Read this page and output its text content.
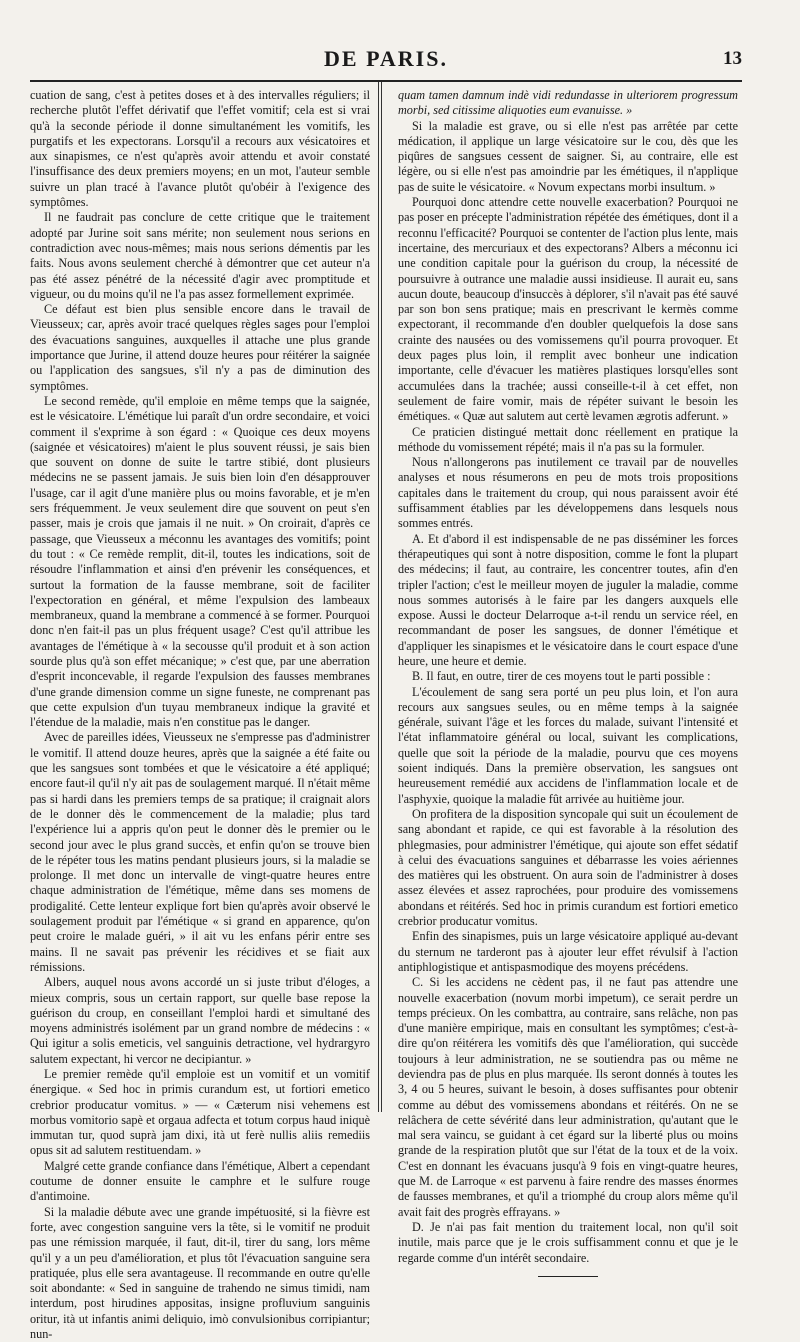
DE PARIS.	13

cuation de sang, c'est à petites doses et à des intervalles réguliers; il recherche plutôt l'effet dérivatif que l'effet vomitif; cela est si vrai qu'à la seconde période il donne simultanément les vomitifs, les purgatifs et les expectorans. Lorsqu'il a recours aux vésicatoires et aux sinapismes, ce n'est qu'après avoir attendu et avoir constaté l'insuffisance des deux premiers moyens; en un mot, l'auteur semble suivre un plan tracé à l'avance plutôt qu'obéir à l'exigence des symptômes.

Il ne faudrait pas conclure de cette critique que le traitement adopté par Jurine soit sans mérite; non seulement nous serions en contradiction avec nous-mêmes; mais nous serions démentis par les faits. Nous avons seulement cherché à démontrer que cet auteur n'a pas été assez pénétré de la nécessité d'agir avec promptitude et vigueur, ou du moins qu'il ne l'a pas assez formellement exprimée.

Ce défaut est bien plus sensible encore dans le travail de Vieusseux; car, après avoir tracé quelques règles sages pour l'emploi des évacuations sanguines, auxquelles il attache une plus grande importance que Jurine, il attend douze heures pour réitérer la saignée ou l'application des sangsues, s'il n'y a pas de diminution des symptômes.

Le second remède, qu'il emploie en même temps que la saignée, est le vésicatoire. L'émétique lui paraît d'un ordre secondaire, et voici comment il s'exprime à son égard : « Quoique ces deux moyens (saignée et vésicatoires) m'aient le plus souvent réussi, je sais bien que souvent on donne de suite le tartre stibié, dont plusieurs médecins ne se passent jamais. Je suis bien loin d'en désapprouver l'usage, car il agit d'une manière plus ou moins favorable, et je m'en sers fréquemment. Je veux seulement dire que souvent on peut s'en passer, mais je crois que jamais il ne nuit. » On croirait, d'après ce passage, que Vieusseux a méconnu les avantages des vomitifs; point du tout : « Ce remède remplit, dit-il, toutes les indications, soit de résoudre l'inflammation et ainsi d'en prévenir les conséquences, et surtout la formation de la fausse membrane, soit de faciliter l'expectoration en général, et même l'expulsion des lambeaux membraneux, quand la membrane a commencé à se former. Pourquoi donc n'en fait-il pas un plus fréquent usage? C'est qu'il attribue les avantages de l'émétique à « la secousse qu'il produit et à son action sourde plus qu'à son effet mécanique; » c'est que, par une aberration d'esprit inconcevable, il regarde l'expulsion des fausses membranes d'une grande dimension comme un signe funeste, ne comprenant pas que cette expulsion d'un tuyau membraneux indique la gravité et l'étendue de la maladie, mais n'en constitue pas le danger.

Avec de pareilles idées, Vieusseux ne s'empresse pas d'administrer le vomitif. Il attend douze heures, après que la saignée a été faite ou que les sangsues sont tombées et que le vésicatoire a été appliqué; encore faut-il qu'il n'y ait pas de soulagement marqué. Il n'était même pas si hardi dans les premiers temps de sa pratique; il craignait alors de le donner dès le commencement de la maladie; plus tard l'expérience lui a appris qu'on peut le donner dès le premier ou le second jour avec le plus grand succès, et enfin qu'on se trouve bien de le répéter tous les matins pendant plusieurs jours, si la maladie se prolonge. Il met donc un intervalle de vingt-quatre heures entre chaque administration de l'émétique, même dans ses momens de prodigalité. Cette lenteur explique fort bien qu'après avoir observé le soulagement produit par l'émétique « si grand en apparence, qu'on peut croire le malade guéri, » il ait vu les enfans périr entre ses mains. Il ne savait pas prévenir les récidives et se fiait aux rémissions.

Albers, auquel nous avons accordé un si juste tribut d'éloges, a mieux compris, sous un certain rapport, sur quelle base repose la guérison du croup, en conseillant l'emploi hardi et simultané des moyens administrés isolément par un grand nombre de médecins : « Qui igitur a solis emeticis, vel sanguinis detractione, vel hydrargyro salutem expectant, hi vercor ne decipiantur. »

Le premier remède qu'il emploie est un vomitif et un vomitif énergique. « Sed hoc in primis curandum est, ut fortiori emetico crebrior producatur vomitus. » — « Cæterum nisi vehemens est morbus vomitorio sapè et orgaua adfecta et totum corpus haud iniquè immutan tur, quod suprà jam dixi, ità ut ferè nullis aliis remediis opus sit ad salutem restituendam. »

Malgré cette grande confiance dans l'émétique, Albert a cependant coutume de donner ensuite le camphre et le sulfure rouge d'antimoine.

Si la maladie débute avec une grande impétuosité, si la fièvre est forte, avec congestion sanguine vers la tête, si le vomitif ne produit pas une rémission marquée, il faut, dit-il, tirer du sang, lors même qu'il y a un peu d'amélioration, et plus tôt l'évacuation sanguine sera pratiquée, plus elle sera avantageuse. Il recommande en outre qu'elle soit abondante: « Sed in sanguine de trahendo ne simus timidi, nam interdum, post hirudines appositas, insigne profluvium sanguinis oritur, ità ut infantis animi deliquio, imò convulsionibus corripiantur; nun-

quam tamen damnum indè vidi redundasse in ulteriorem progressum morbi, sed citissime aliquoties eum evanuisse. »

Si la maladie est grave, ou si elle n'est pas arrêtée par cette médication, il applique un large vésicatoire sur le cou, dès que les piqûres de sangsues cessent de saigner. Si, au contraire, elle est légère, ou si elle n'est pas amoindrie par les émétiques, il n'applique pas de suite le vésicatoire. « Novum expectans morbi insultum. »

Pourquoi donc attendre cette nouvelle exacerbation? Pourquoi ne pas poser en précepte l'administration répétée des émétiques, dont il a reconnu l'efficacité? Pourquoi se contenter de l'action plus lente, mais incertaine, des mercuriaux et des expectorans? Albers a méconnu ici une condition capitale pour la guérison du croup, la nécessité de poursuivre à outrance une maladie aussi insidieuse. Il aurait eu, sans aucun doute, beaucoup d'insuccès à déplorer, s'il n'avait pas été sauvé par son bon sens pratique; mais en prescrivant le kermès comme expectorant, il recommande d'en doubler quelquefois la dose sans crainte des nausées ou des vomissemens qu'il pourra provoquer. Et deux pages plus loin, il remplit avec bonheur une indication importante, celle d'évacuer les matières plastiques lorsqu'elles sont accumulées dans la trachée; aussi conseille-t-il à cet effet, non seulement de faire vomir, mais de répéter suivant le besoin les émétiques. « Quæ aut salutem aut certè levamen ægrotis adferunt. »

Ce praticien distingué mettait donc réellement en pratique la méthode du vomissement répété; mais il n'a pas su la formuler.

Nous n'allongerons pas inutilement ce travail par de nouvelles analyses et nous résumerons en peu de mots trois propositions capitales dans le traitement du croup, qui nous paraissent avoir été suffisamment établies par les développemens dans lesquels nous sommes entrés.

A. Et d'abord il est indispensable de ne pas disséminer les forces thérapeutiques qui sont à notre disposition, comme le font la plupart des médecins; il faut, au contraire, les concentrer toutes, afin d'en tripler l'action; c'est le meilleur moyen de juguler la maladie, comme nous sommes autorisés à le faire par les dangers auxquels elle expose. Aussi le docteur Delarroque a-t-il rendu un service réel, en recommandant de poser les sangsues, de donner l'émétique et d'appliquer les sinapismes et le vésicatoire dans le court espace d'une heure, une heure et demie.

B. Il faut, en outre, tirer de ces moyens tout le parti possible :

L'écoulement de sang sera porté un peu plus loin, et l'on aura recours aux sangsues seules, ou en même temps à la saignée générale, suivant l'âge et les forces du malade, suivant l'intensité et l'état inflammatoire général ou local, suivant les complications, quelle que soit la période de la maladie, pourvu que ces moyens soient indiqués. Dans la première observation, les sangsues ont heureusement remédié aux accidens de l'inflammation locale et de l'asphyxie, quoique la maladie fût arrivée au huitième jour.

On profitera de la disposition syncopale qui suit un écoulement de sang abondant et rapide, ce qui est favorable à la résolution des phlegmasies, pour administrer l'émétique, qui ajoute son effet sédatif à celui des évacuations sanguines et débarrasse les voies aériennes des matières qui les obstruent. On aura soin de l'administrer à doses assez élevées et assez raprochées, pour produire des vomissemens abondans et réitérés. Sed hoc in primis curandum est fortiori emetico crebrior producatur vomitus.

Enfin des sinapismes, puis un large vésicatoire appliqué au-devant du sternum ne tarderont pas à ajouter leur effet révulsif à l'action antiphlogistique et antispasmodique des moyens précédens.

C. Si les accidens ne cèdent pas, il ne faut pas attendre une nouvelle exacerbation (novum morbi impetum), ce serait perdre un temps précieux. On les combattra, au contraire, sans relâche, non pas d'une manière empirique, mais en consultant les symptômes; c'est-à-dire qu'on réitérera les vomitifs dès que l'amélioration, qui succède toujours à leur administration, ne se soutiendra pas ou même ne deviendra pas de plus en plus marquée. Ils seront donnés à toutes les 3, 4 ou 5 heures, suivant le besoin, à doses suffisantes pour obtenir comme au début des vomissemens abondans et réitérés. On ne se relâchera de cette sévérité dans leur administration, qu'autant que le mal sera vaincu, se guidant à cet égard sur la liberté plus ou moins grande de la respiration plutôt que sur l'état de la toux et de la voix. C'est en donnant les évacuans jusqu'à 9 fois en vingt-quatre heures, que M. de Larroque « est parvenu à faire rendre des masses énormes de fausses membranes, et qu'il a triomphé du croup alors même qu'il avait fait des progrès effrayans. »

D. Je n'ai pas fait mention du traitement local, non qu'il soit inutile, mais parce que je le crois suffisamment connu et que je le regarde comme d'un intérêt secondaire.
